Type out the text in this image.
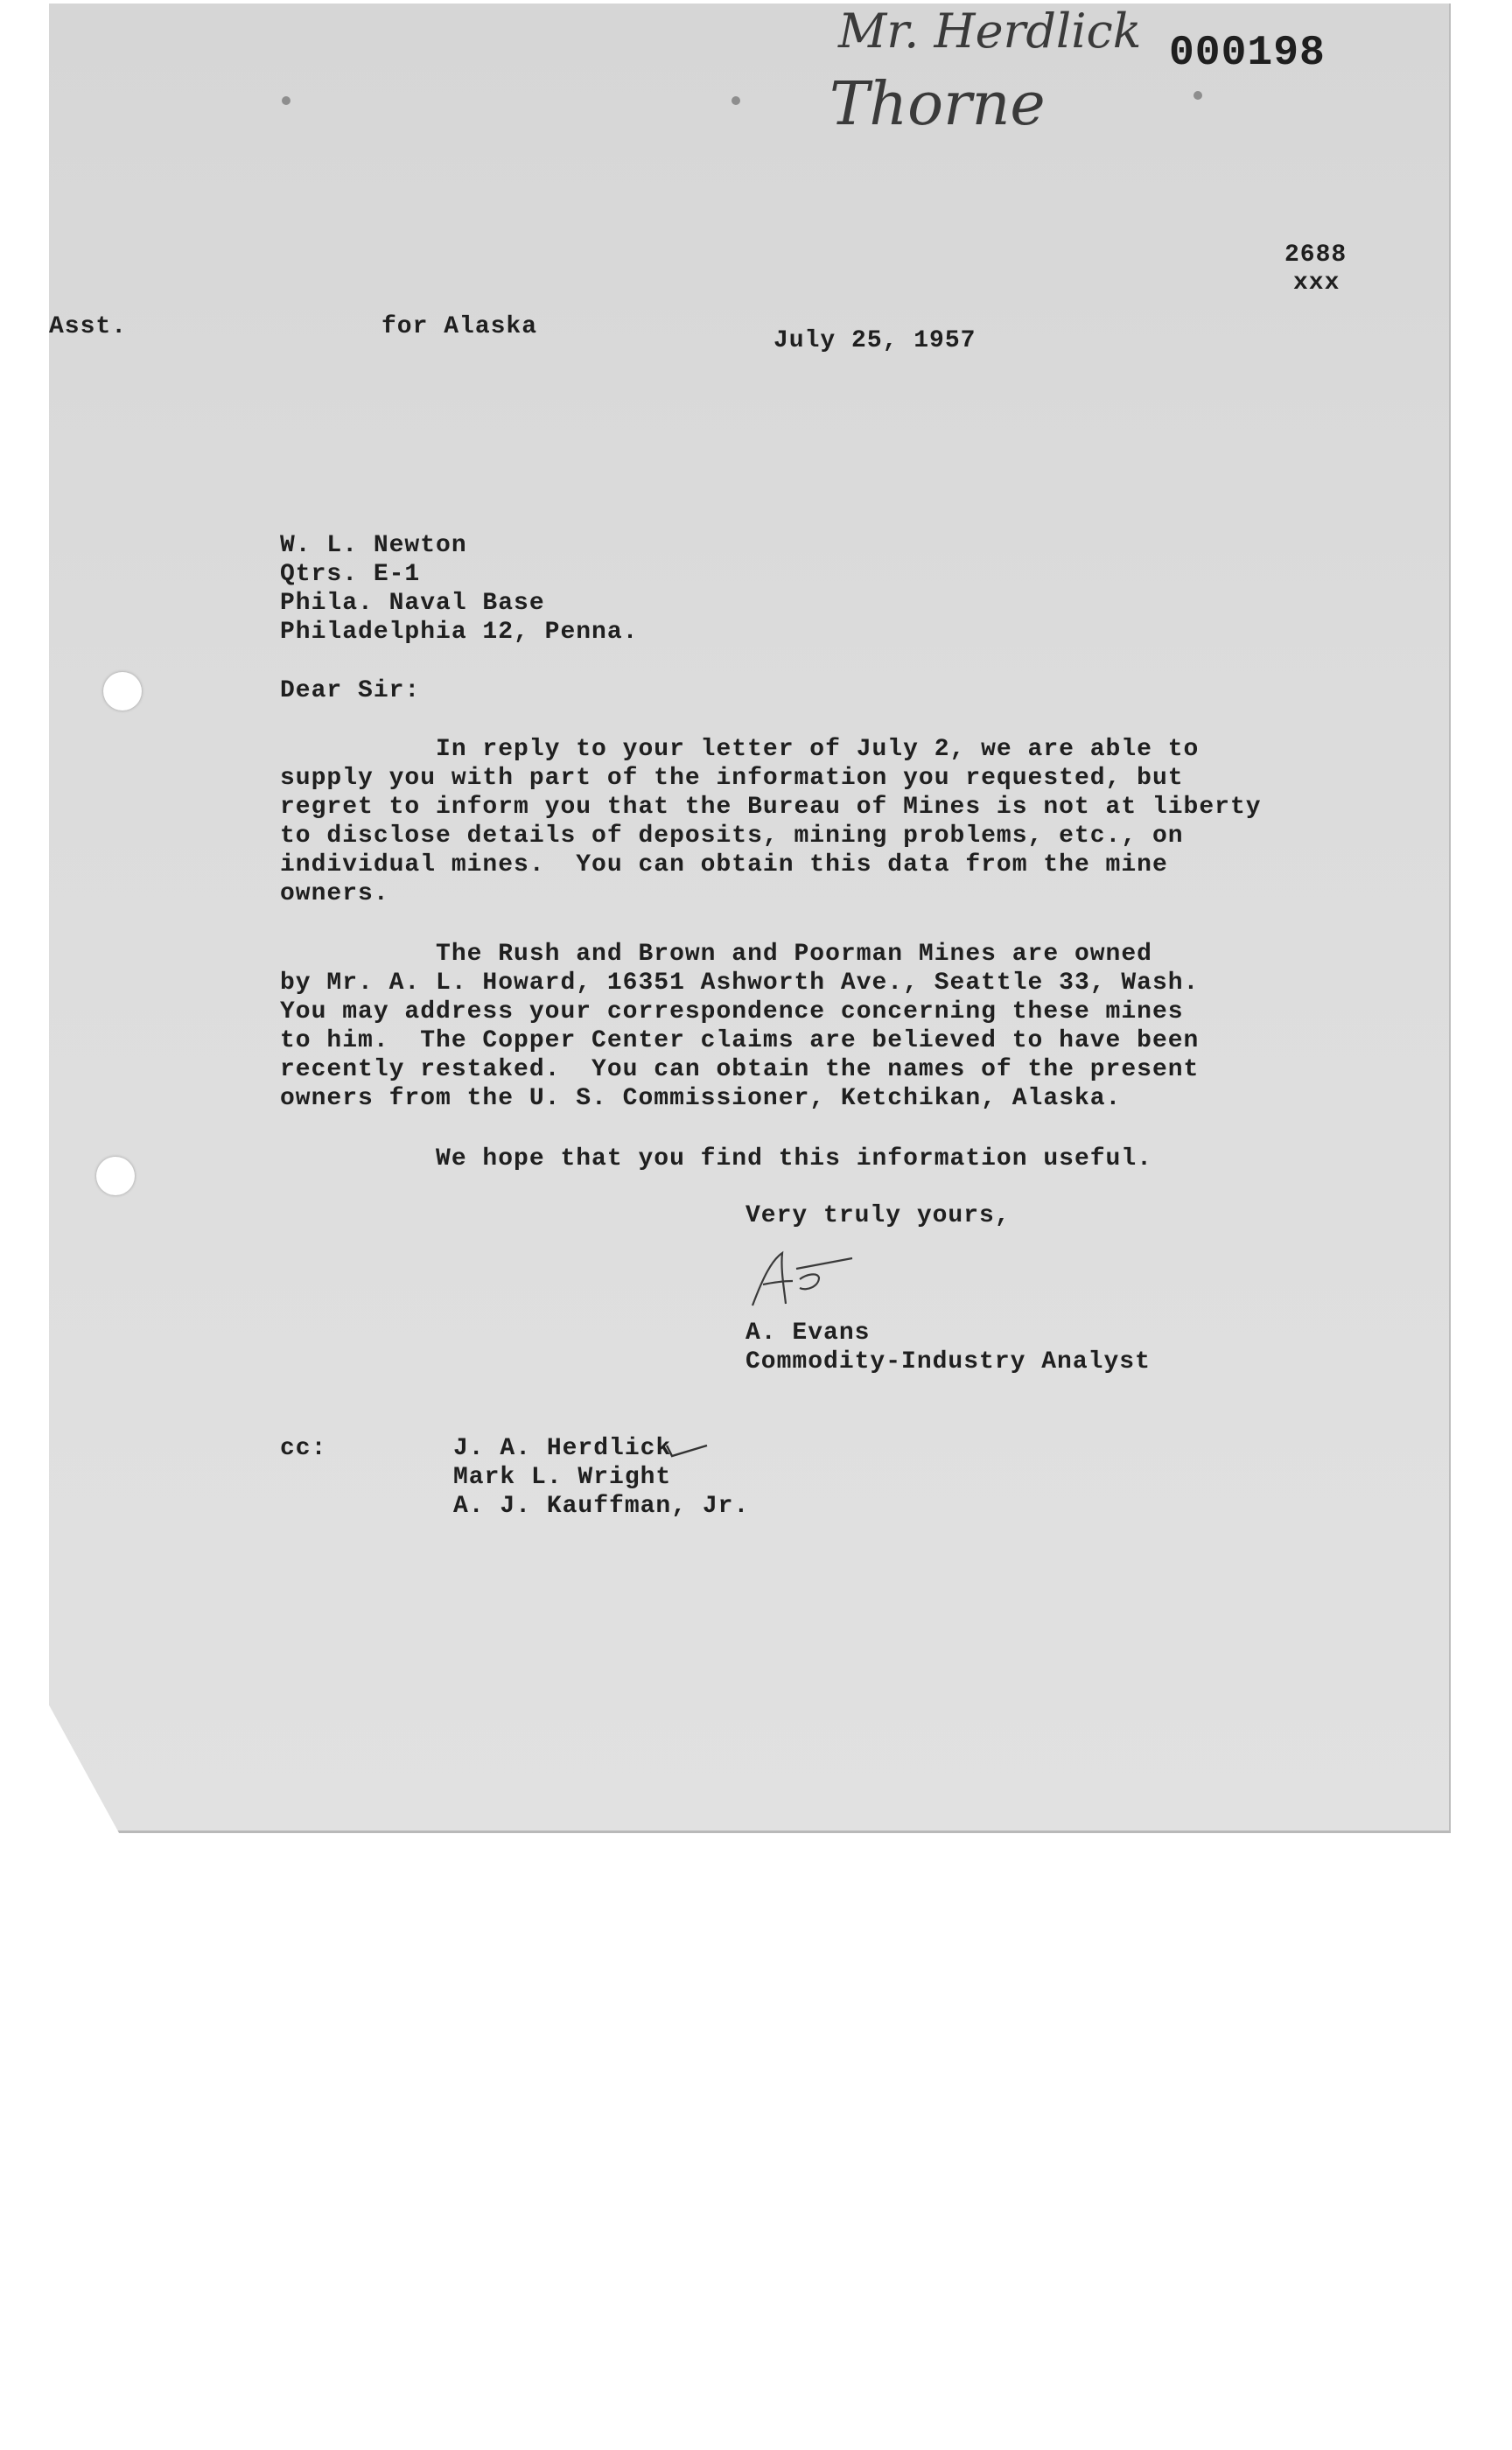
Mr. Herdlick
Thorne
000198
2688
xxx
Asst.	for Alaska
July 25, 1957
W. L. Newton
Qtrs. E-1
Phila. Naval Base
Philadelphia 12, Penna.
Dear Sir:
In reply to your letter of July 2, we are able to
supply you with part of the information you requested, but
regret to inform you that the Bureau of Mines is not at liberty
to disclose details of deposits, mining problems, etc., on
individual mines.  You can obtain this data from the mine
owners.
The Rush and Brown and Poorman Mines are owned
by Mr. A. L. Howard, 16351 Ashworth Ave., Seattle 33, Wash.
You may address your correspondence concerning these mines
to him.  The Copper Center claims are believed to have been
recently restaked.  You can obtain the names of the present
owners from the U. S. Commissioner, Ketchikan, Alaska.
We hope that you find this information useful.
Very truly yours,
A. Evans
Commodity-Industry Analyst
cc:	J. A. Herdlick
Mark L. Wright
A. J. Kauffman, Jr.
